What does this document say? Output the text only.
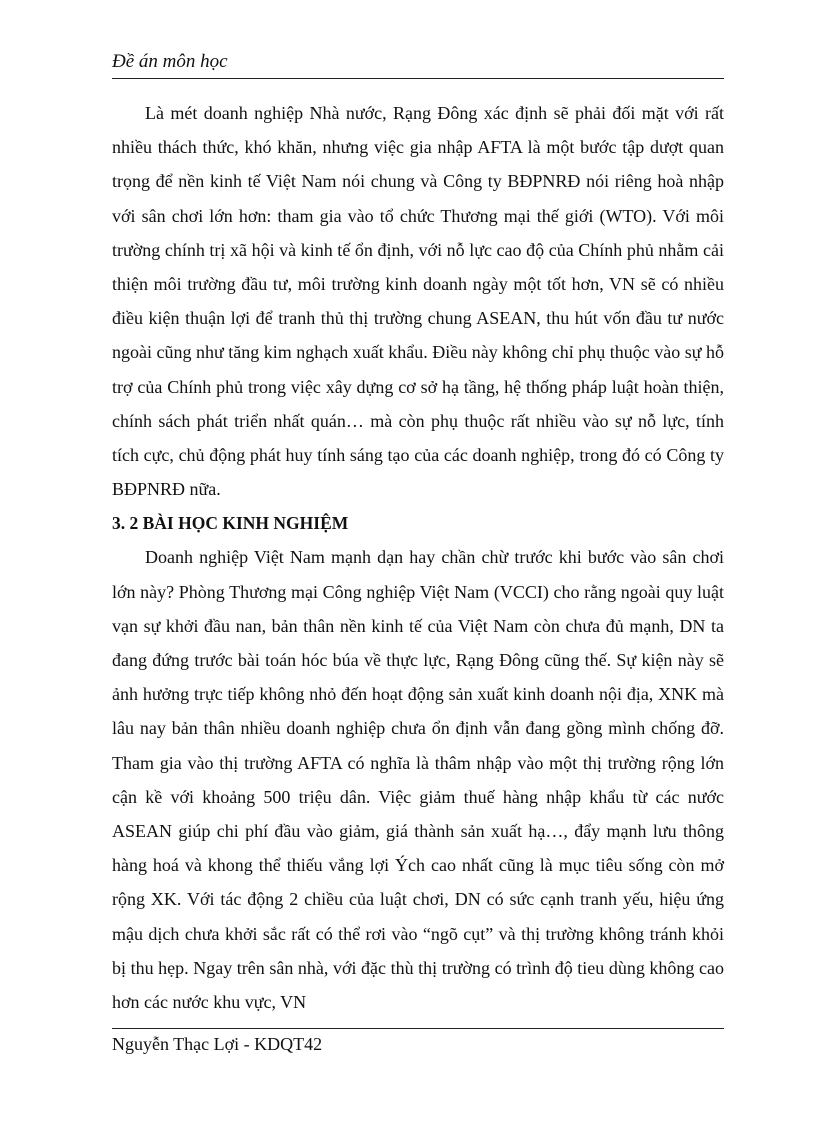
Đề án môn học

Là mét doanh nghiệp Nhà nước, Rạng Đông xác định sẽ phải đối mặt với rất nhiều thách thức, khó khăn, nhưng việc gia nhập AFTA là một bước tập dượt quan trọng để nền kinh tế Việt Nam nói chung và Công ty BĐPNRĐ nói riêng hoà nhập với sân chơi lớn hơn: tham gia vào tổ chức Thương mại thế giới (WTO). Với môi trường chính trị xã hội và kinh tế ổn định, với nỗ lực cao độ của Chính phủ nhằm cải thiện môi trường đầu tư, môi trường kinh doanh ngày một tốt hơn, VN sẽ có nhiều điều kiện thuận lợi để tranh thủ thị trường chung ASEAN, thu hút vốn đầu tư nước ngoài cũng như tăng kim nghạch xuất khẩu. Điều này không chỉ phụ thuộc vào sự hỗ trợ của Chính phủ trong việc xây dựng cơ sở hạ tầng, hệ thống pháp luật hoàn thiện, chính sách phát triển nhất quán… mà còn phụ thuộc rất nhiều vào sự nỗ lực, tính tích cực, chủ động phát huy tính sáng tạo của các doanh nghiệp, trong đó có Công ty BĐPNRĐ nữa.

3. 2 BÀI HỌC KINH NGHIỆM

Doanh nghiệp Việt Nam mạnh dạn hay chần chừ trước khi bước vào sân chơi lớn này? Phòng Thương mại Công nghiệp Việt Nam (VCCI) cho rằng ngoài quy luật vạn sự khởi đầu nan, bản thân nền kinh tế của Việt Nam còn chưa đủ mạnh, DN ta đang đứng trước bài toán hóc búa về thực lực, Rạng Đông cũng thế. Sự kiện này sẽ ảnh hưởng trực tiếp không nhỏ đến hoạt động sản xuất kinh doanh nội địa, XNK mà lâu nay bản thân nhiều doanh nghiệp chưa ổn định vẫn đang gồng mình chống đỡ. Tham gia vào thị trường AFTA có nghĩa là thâm nhập vào một thị trường rộng lớn cận kề với khoảng 500 triệu dân. Việc giảm thuế hàng nhập khẩu từ các nước ASEAN giúp chi phí đầu vào giảm, giá thành sản xuất hạ…, đẩy mạnh lưu thông hàng hoá và khong thể thiếu vắng lợi Ých cao nhất cũng là mục tiêu sống còn mở rộng XK. Với tác động 2 chiều của luật chơi, DN có sức cạnh tranh yếu, hiệu ứng mậu dịch chưa khởi sắc rất có thể rơi vào “ngõ cụt” và thị trường không tránh khỏi bị thu hẹp. Ngay trên sân nhà, với đặc thù thị trường có trình độ tieu dùng không cao hơn các nước khu vực, VN

Nguyễn Thạc Lợi - KDQT42
